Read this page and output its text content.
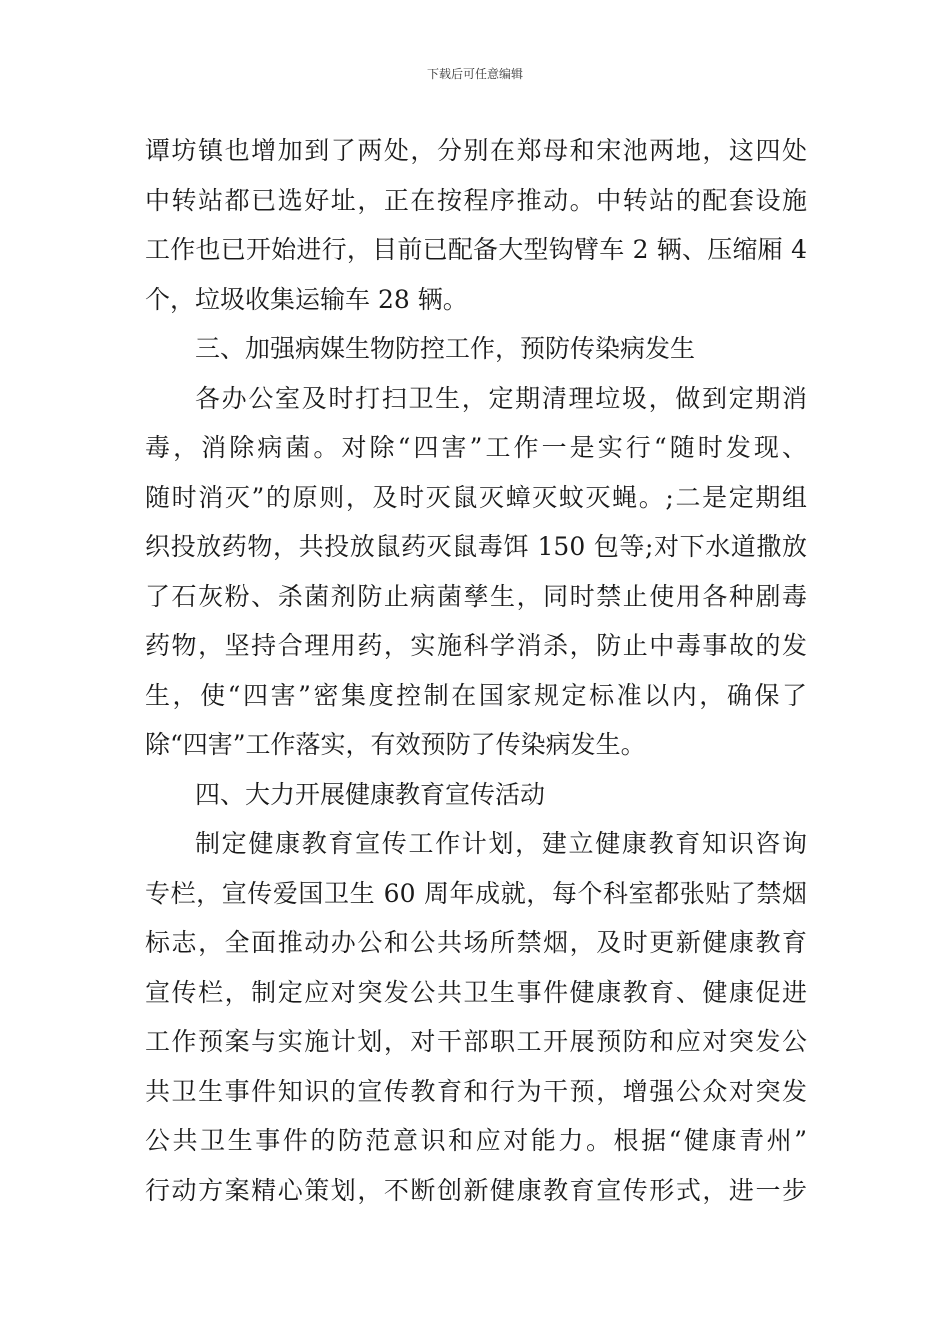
下载后可任意编辑
谭坊镇也增加到了两处，分别在郑母和宋池两地，这四处
中转站都已选好址，正在按程序推动。中转站的配套设施
工作也已开始进行，目前已配备大型钩臂车 2 辆、压缩厢 4
个，垃圾收集运输车 28 辆。
三、加强病媒生物防控工作，预防传染病发生
各办公室及时打扫卫生，定期清理垃圾，做到定期消
毒，消除病菌。对除“四害”工作一是实行“随时发现、
随时消灭”的原则，及时灭鼠灭蟑灭蚊灭蝇。;二是定期组
织投放药物，共投放鼠药灭鼠毒饵 150 包等;对下水道撒放
了石灰粉、杀菌剂防止病菌孳生，同时禁止使用各种剧毒
药物，坚持合理用药，实施科学消杀，防止中毒事故的发
生，使“四害”密集度控制在国家规定标准以内，确保了
除“四害”工作落实，有效预防了传染病发生。
四、大力开展健康教育宣传活动
制定健康教育宣传工作计划，建立健康教育知识咨询
专栏，宣传爱国卫生 60 周年成就，每个科室都张贴了禁烟
标志，全面推动办公和公共场所禁烟，及时更新健康教育
宣传栏，制定应对突发公共卫生事件健康教育、健康促进
工作预案与实施计划，对干部职工开展预防和应对突发公
共卫生事件知识的宣传教育和行为干预，增强公众对突发
公共卫生事件的防范意识和应对能力。根据“健康青州”
行动方案精心策划，不断创新健康教育宣传形式，进一步
